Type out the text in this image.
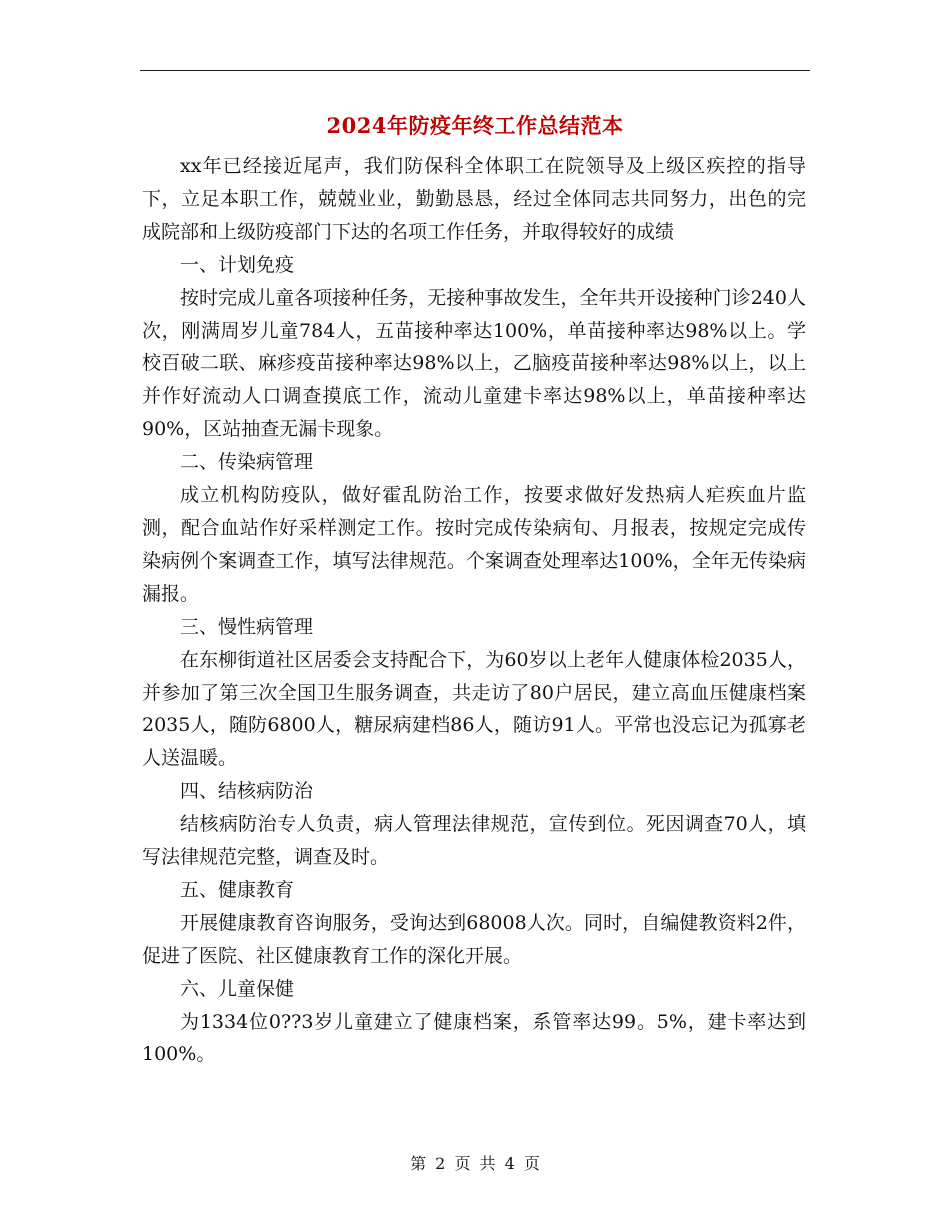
2024年防疫年终工作总结范本

xx年已经接近尾声，我们防保科全体职工在院领导及上级区疾控的指导下，立足本职工作，兢兢业业，勤勤恳恳，经过全体同志共同努力，出色的完成院部和上级防疫部门下达的名项工作任务，并取得较好的成绩

一、计划免疫

按时完成儿童各项接种任务，无接种事故发生，全年共开设接种门诊240人次，刚满周岁儿童784人，五苗接种率达100%，单苗接种率达98%以上。学校百破二联、麻疹疫苗接种率达98%以上，乙脑疫苗接种率达98%以上，以上并作好流动人口调查摸底工作，流动儿童建卡率达98%以上，单苗接种率达90%，区站抽查无漏卡现象。

二、传染病管理

成立机构防疫队，做好霍乱防治工作，按要求做好发热病人疟疾血片监测，配合血站作好采样测定工作。按时完成传染病旬、月报表，按规定完成传染病例个案调查工作，填写法律规范。个案调查处理率达100%，全年无传染病漏报。

三、慢性病管理

在东柳街道社区居委会支持配合下，为60岁以上老年人健康体检2035人，并参加了第三次全国卫生服务调查，共走访了80户居民，建立高血压健康档案2035人，随防6800人，糖尿病建档86人，随访91人。平常也没忘记为孤寡老人送温暖。

四、结核病防治

结核病防治专人负责，病人管理法律规范，宣传到位。死因调查70人，填写法律规范完整，调查及时。

五、健康教育

开展健康教育咨询服务，受询达到68008人次。同时，自编健教资料2件，促进了医院、社区健康教育工作的深化开展。

六、儿童保健

为1334位0??3岁儿童建立了健康档案，系管率达99。5%，建卡率达到100%。

第 2 页 共 4 页
